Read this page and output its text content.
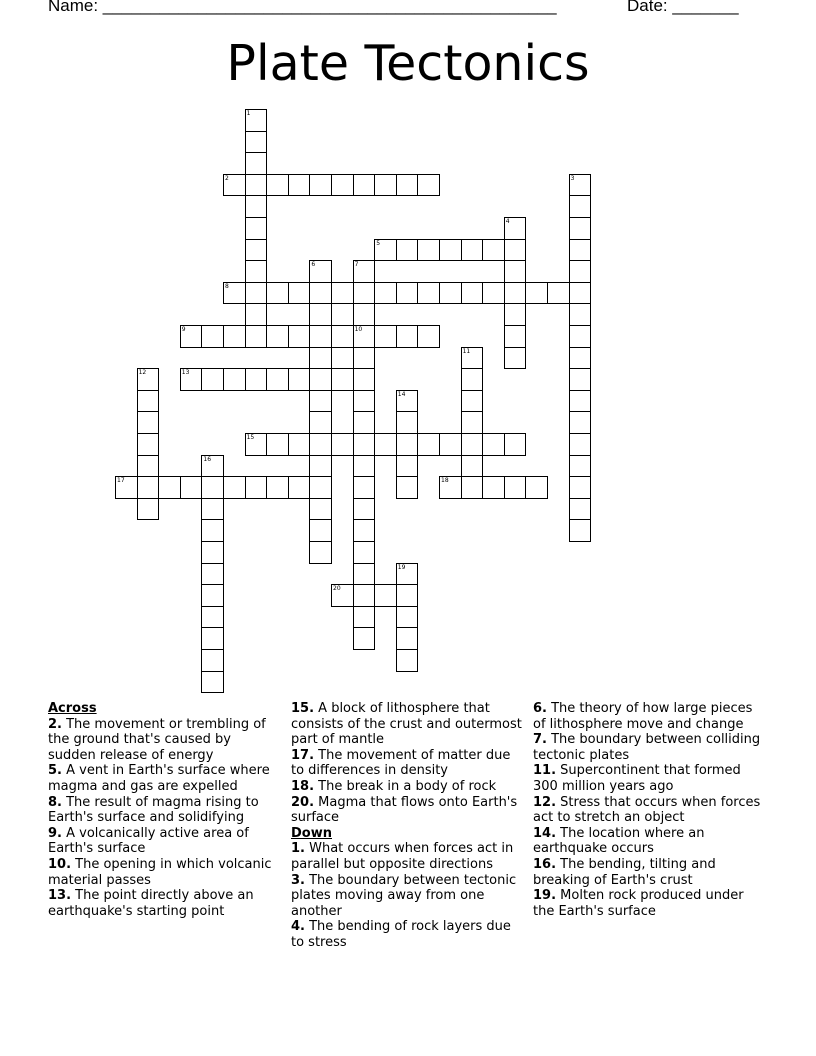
Name: ________________________________________________

	Date: _______

Plate Tectonics
1
2	3
4
5
6	7
10
8
9
11
12	13
14
15
16
17	18
19
20
Across
2. The movement or trembling of the ground that's caused by sudden release of energy
5. A vent in Earth's surface where magma and gas are expelled
8. The result of magma rising to Earth's surface and solidifying
9. A volcanically active area of Earth's surface
10. The opening in which volcanic material passes
13. The point directly above an earthquake's starting point
15. A block of lithosphere that consists of the crust and outermost part of mantle
17. The movement of matter due to differences in density
18. The break in a body of rock
20. Magma that flows onto Earth's surface
Down
1. What occurs when forces act in parallel but opposite directions
3. The boundary between tectonic plates moving away from one another
4. The bending of rock layers due to stress
6. The theory of how large pieces of lithosphere move and change
7. The boundary between colliding tectonic plates
11. Supercontinent that formed 300 million years ago
12. Stress that occurs when forces act to stretch an object
14. The location where an earthquake occurs
16. The bending, tilting and breaking of Earth's crust
19. Molten rock produced under the Earth's surface
